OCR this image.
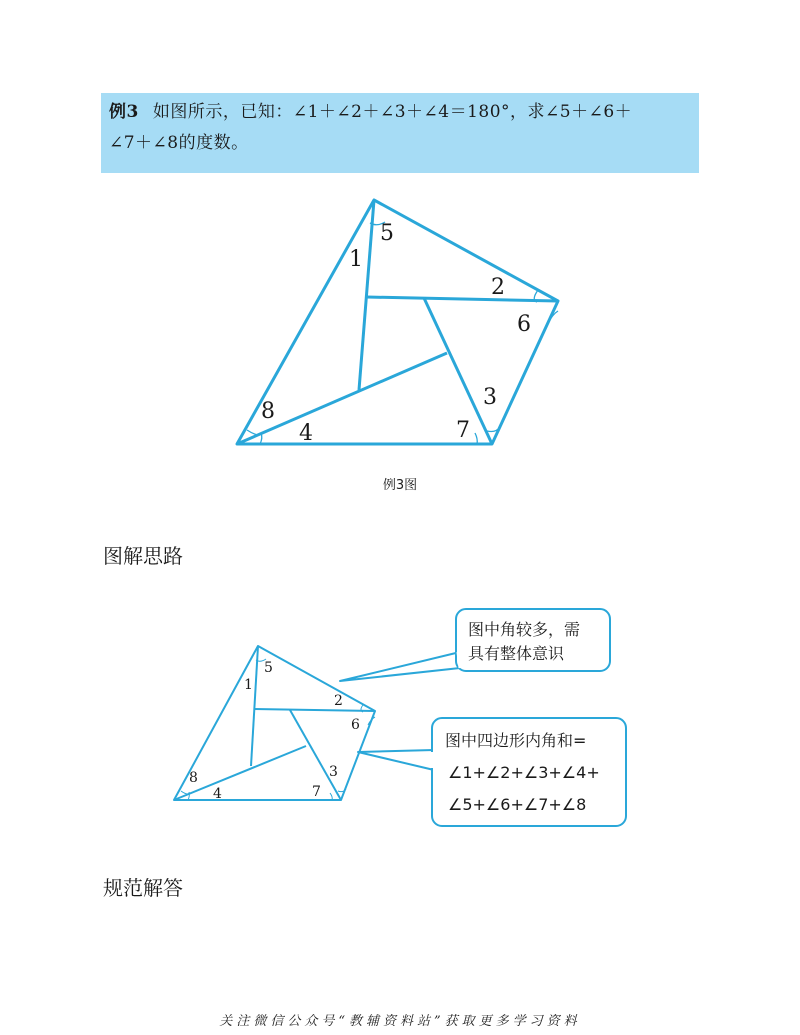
例3 如图所示，已知：∠1＋∠2＋∠3＋∠4＝180°，求∠5＋∠6＋
∠7＋∠8的度数。
1
5
2
6
3
7
8
4
例3图
图解思路
1
5
2
6
3
7
8
4
图中角较多，需
具有整体意识
图中四边形内角和=
∠1+∠2+∠3+∠4+
∠5+∠6+∠7+∠8
规范解答
关注微信公众号“教辅资料站”获取更多学习资料
